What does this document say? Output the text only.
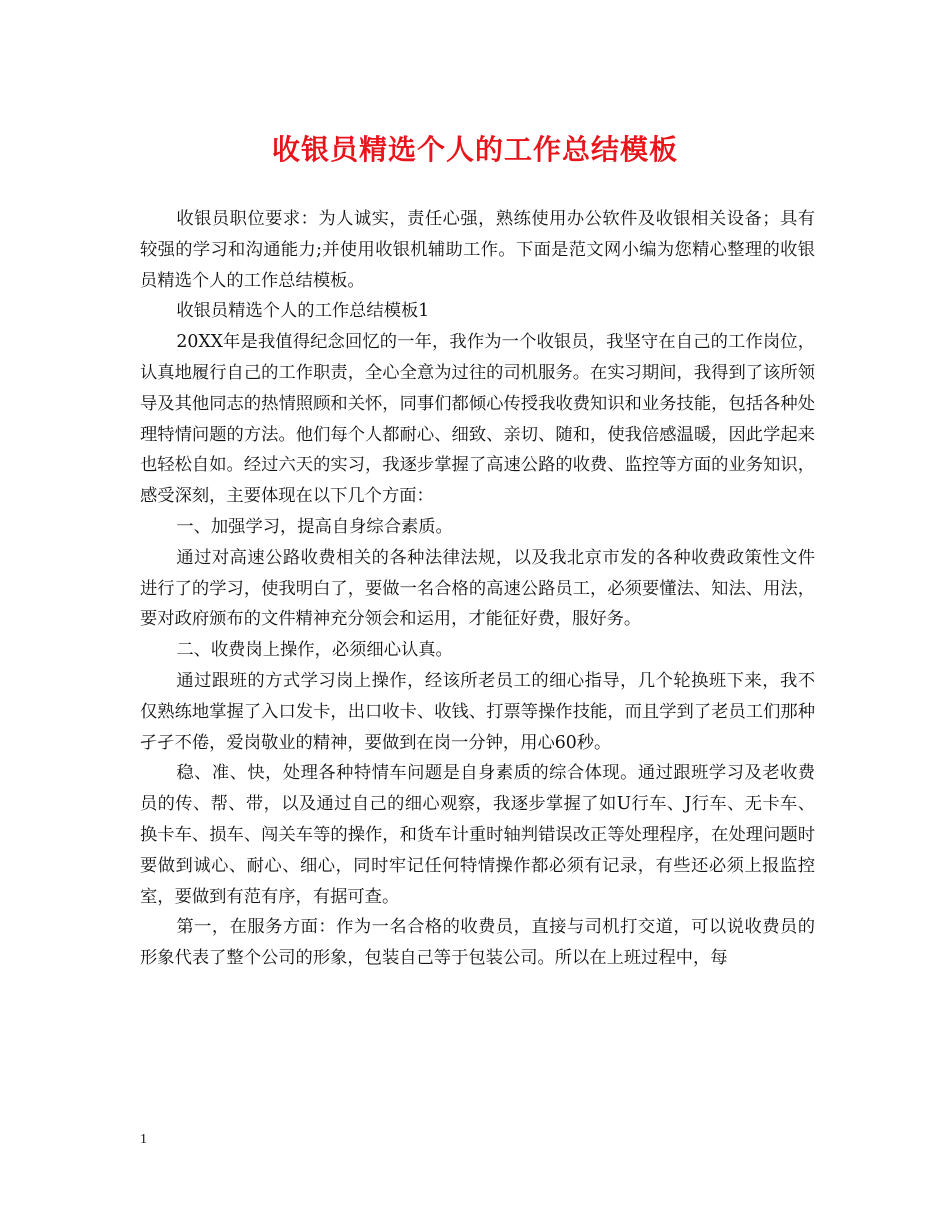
收银员精选个人的工作总结模板

收银员职位要求：为人诚实，责任心强，熟练使用办公软件及收银相关设备；具有较强的学习和沟通能力;并使用收银机辅助工作。下面是范文网小编为您精心整理的收银员精选个人的工作总结模板。

收银员精选个人的工作总结模板1

20XX年是我值得纪念回忆的一年，我作为一个收银员，我坚守在自己的工作岗位，认真地履行自己的工作职责，全心全意为过往的司机服务。在实习期间，我得到了该所领导及其他同志的热情照顾和关怀，同事们都倾心传授我收费知识和业务技能，包括各种处理特情问题的方法。他们每个人都耐心、细致、亲切、随和，使我倍感温暖，因此学起来也轻松自如。经过六天的实习，我逐步掌握了高速公路的收费、监控等方面的业务知识，感受深刻，主要体现在以下几个方面：

一、加强学习，提高自身综合素质。

通过对高速公路收费相关的各种法律法规，以及我北京市发的各种收费政策性文件进行了的学习，使我明白了，要做一名合格的高速公路员工，必须要懂法、知法、用法，要对政府颁布的文件精神充分领会和运用，才能征好费，服好务。

二、收费岗上操作，必须细心认真。

通过跟班的方式学习岗上操作，经该所老员工的细心指导，几个轮换班下来，我不仅熟练地掌握了入口发卡，出口收卡、收钱、打票等操作技能，而且学到了老员工们那种孑孑不倦，爱岗敬业的精神，要做到在岗一分钟，用心60秒。

稳、准、快，处理各种特情车问题是自身素质的综合体现。通过跟班学习及老收费员的传、帮、带，以及通过自己的细心观察，我逐步掌握了如U行车、J行车、无卡车、换卡车、损车、闯关车等的操作，和货车计重时轴判错误改正等处理程序，在处理问题时要做到诚心、耐心、细心，同时牢记任何特情操作都必须有记录，有些还必须上报监控室，要做到有范有序，有据可查。

第一，在服务方面：作为一名合格的收费员，直接与司机打交道，可以说收费员的形象代表了整个公司的形象，包装自己等于包装公司。所以在上班过程中，每

1
